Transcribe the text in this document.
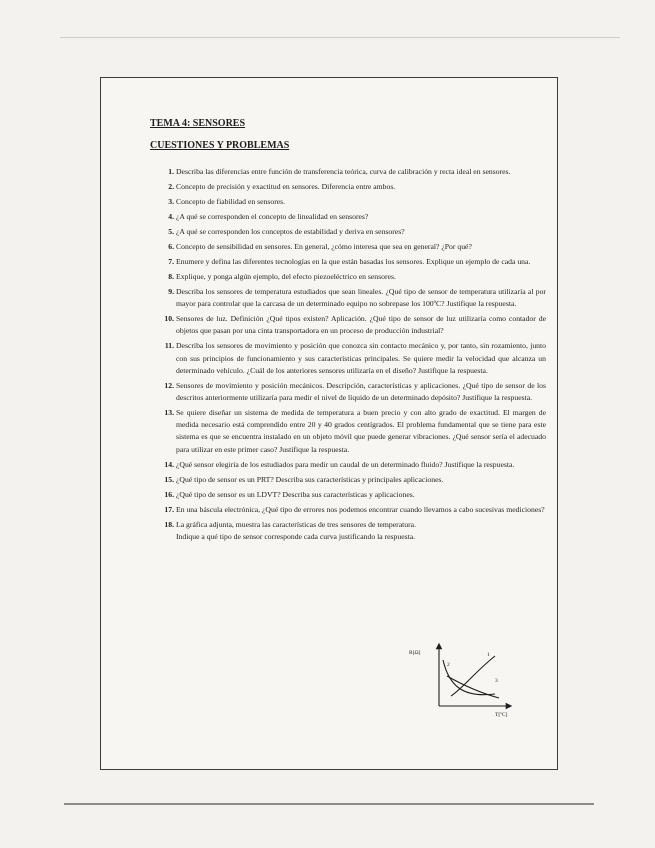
TEMA 4: SENSORES

CUESTIONES Y PROBLEMAS

1. Describa las diferencias entre función de transferencia teórica, curva de calibración y recta ideal en sensores.
2. Concepto de precisión y exactitud en sensores. Diferencia entre ambos.
3. Concepto de fiabilidad en sensores.
4. ¿A qué se corresponden el concepto de linealidad en sensores?
5. ¿A qué se corresponden los conceptos de estabilidad y deriva en sensores?
6. Concepto de sensibilidad en sensores. En general, ¿cómo interesa que sea en general? ¿Por qué?
7. Enumere y defina las diferentes tecnologías en la que están basadas los sensores. Explique un ejemplo de cada una.
8. Explique, y ponga algún ejemplo, del efecto piezoeléctrico en sensores.
9. Describa los sensores de temperatura estudiados que sean lineales. ¿Qué tipo de sensor de temperatura utilizaría al por mayor para controlar que la carcasa de un determinado equipo no sobrepase los 100ºC? Justifique la respuesta.
10. Sensores de luz. Definición ¿Qué tipos existen? Aplicación. ¿Qué tipo de sensor de luz utilizaría como contador de objetos que pasan por una cinta transportadora en un proceso de producción industrial?
11. Describa los sensores de movimiento y posición que conozca sin contacto mecánico y, por tanto, sin rozamiento, junto con sus principios de funcionamiento y sus características principales. Se quiere medir la velocidad que alcanza un determinado vehículo. ¿Cuál de los anteriores sensores utilizaría en el diseño? Justifique la respuesta.
12. Sensores de movimiento y posición mecánicos. Descripción, características y aplicaciones. ¿Qué tipo de sensor de los descritos anteriormente utilizaría para medir el nivel de líquido de un determinado depósito? Justifique la respuesta.
13. Se quiere diseñar un sistema de medida de temperatura a buen precio y con alto grado de exactitud. El margen de medida necesario está comprendido entre 20 y 40 grados centígrados. El problema fundamental que se tiene para este sistema es que se encuentra instalado en un objeto móvil que puede generar vibraciones. ¿Qué sensor sería el adecuado para utilizar en este primer caso? Justifique la respuesta.
14. ¿Qué sensor elegiría de los estudiados para medir un caudal de un determinado fluido? Justifique la respuesta.
15. ¿Qué tipo de sensor es un PRT? Describa sus características y principales aplicaciones.
16. ¿Qué tipo de sensor es un LDVT? Describa sus características y aplicaciones.
17. En una báscula electrónica, ¿Qué tipo de errores nos podemos encontrar cuando llevamos a cabo sucesivas mediciones?
18. La gráfica adjunta, muestra las características de tres sensores de temperatura. Indique a qué tipo de sensor corresponde cada curva justificando la respuesta.
R[Ω]
T[ºC]
1
2
3
